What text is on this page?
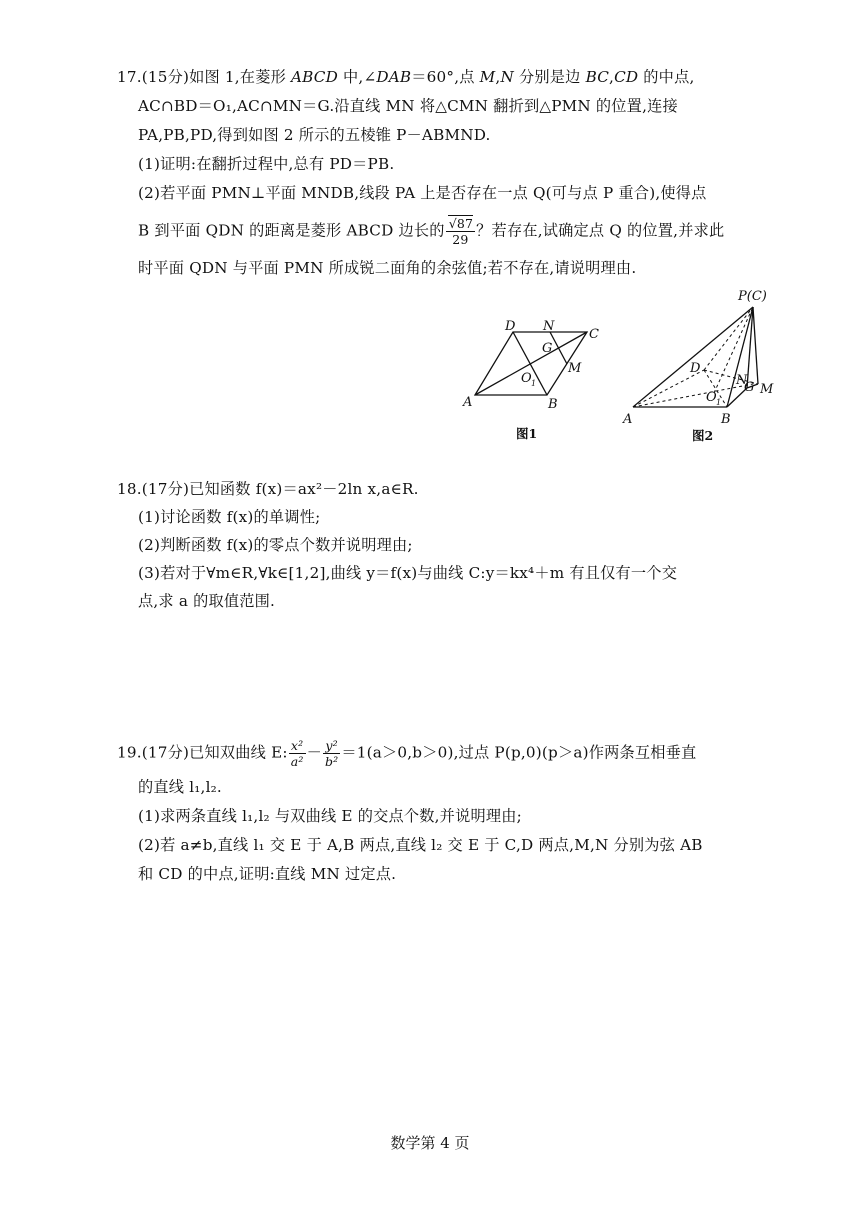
17.(15分)如图 1,在菱形 ABCD 中,∠DAB＝60°,点 M,N 分别是边 BC,CD 的中点,
AC∩BD＝O₁,AC∩MN＝G.沿直线 MN 将△CMN 翻折到△PMN 的位置,连接
PA,PB,PD,得到如图 2 所示的五棱锥 P－ABMND.
(1)证明:在翻折过程中,总有 PD＝PB.
(2)若平面 PMN⊥平面 MNDB,线段 PA 上是否存在一点 Q(可与点 P 重合),使得点
B 到平面 QDN 的距离是菱形 ABCD 边长的 $\frac{√87}{29}$ ？若存在,试确定点 Q 的位置,并求此
时平面 QDN 与平面 PMN 所成锐二面角的余弦值;若不存在,请说明理由.
A	B
C
D N
M
G
O 1
图1
P(C)
A	B
D
N
M
G
O 1
图2
18.(17分)已知函数 f(x)＝ax²－2ln x,a∈R.
(1)讨论函数 f(x)的单调性;
(2)判断函数 f(x)的零点个数并说明理由;
(3)若对于∀m∈R,∀k∈[1,2],曲线 y＝f(x)与曲线 C:y＝kx⁴＋m 有且仅有一个交
点,求 a 的取值范围.
19.(17分)已知双曲线 E: $\frac{\text{x²}}{\text{a²}} - \frac{\text{y²}}{\text{b²}} =1(a>0,b>0)$,过点 P(p,0)(p＞a)作两条互相垂直
的直线 l₁,l₂.
(1)求两条直线 l₁,l₂ 与双曲线 E 的交点个数,并说明理由;
(2)若 a≠b,直线 l₁ 交 E 于 A,B 两点,直线 l₂ 交 E 于 C,D 两点,M,N 分别为弦 AB
和 CD 的中点,证明:直线 MN 过定点.
数学第 4 页
